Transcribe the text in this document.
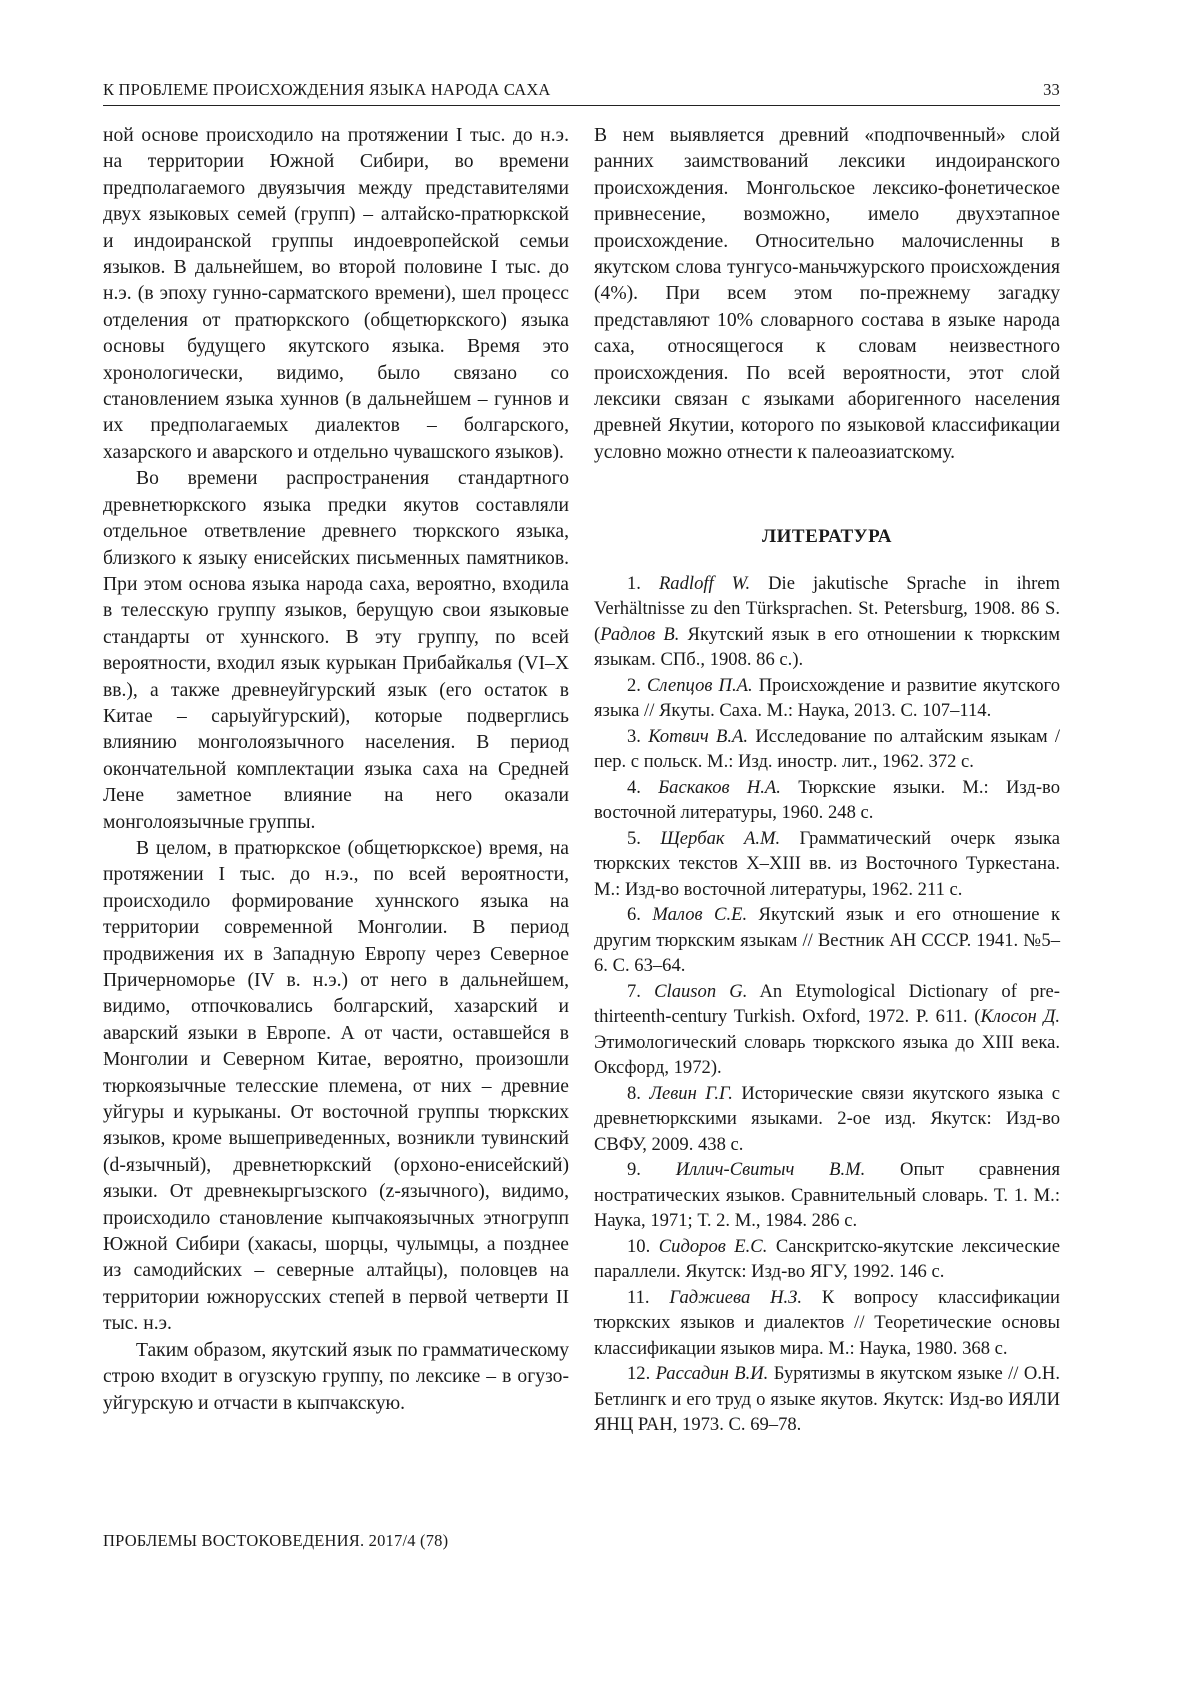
К ПРОБЛЕМЕ ПРОИСХОЖДЕНИЯ ЯЗЫКА НАРОДА САХА	33

ной основе происходило на протяжении I тыс. до н.э. на территории Южной Сибири, во времени предполагаемого двуязычия между представителями двух языковых семей (групп) – алтайско-пратюркской и индоиранской группы индоевропейской семьи языков. В дальнейшем, во второй половине I тыс. до н.э. (в эпоху гунно-сарматского времени), шел процесс отделения от пратюркского (общетюркского) языка основы будущего якутского языка. Время это хронологически, видимо, было связано со становлением языка хуннов (в дальнейшем – гуннов и их предполагаемых диалектов – болгарского, хазарского и аварского и отдельно чувашского языков).

Во времени распространения стандартного древнетюркского языка предки якутов составляли отдельное ответвление древнего тюркского языка, близкого к языку енисейских письменных памятников. При этом основа языка народа саха, вероятно, входила в телесскую группу языков, берущую свои языковые стандарты от хуннского. В эту группу, по всей вероятности, входил язык курыкан Прибайкалья (VI–X вв.), а также древнеуйгурский язык (его остаток в Китае – сарыуйгурский), которые подверглись влиянию монголоязычного населения. В период окончательной комплектации языка саха на Средней Лене заметное влияние на него оказали монголоязычные группы.

В целом, в пратюркское (общетюркское) время, на протяжении I тыс. до н.э., по всей вероятности, происходило формирование хуннского языка на территории современной Монголии. В период продвижения их в Западную Европу через Северное Причерноморье (IV в. н.э.) от него в дальнейшем, видимо, отпочковались болгарский, хазарский и аварский языки в Европе. А от части, оставшейся в Монголии и Северном Китае, вероятно, произошли тюркоязычные телесские племена, от них – древние уйгуры и курыканы. От восточной группы тюркских языков, кроме вышеприведенных, возникли тувинский (d-язычный), древнетюркский (орхоно-енисейский) языки. От древнекыргызского (z-язычного), видимо, происходило становление кыпчакоязычных этногрупп Южной Сибири (хакасы, шорцы, чулымцы, а позднее из самодийских – северные алтайцы), половцев на территории южнорусских степей в первой четверти II тыс. н.э.

Таким образом, якутский язык по грамматическому строю входит в огузскую группу, по лексике – в огузо-уйгурскую и отчасти в кыпчакскую.

В нем выявляется древний «подпочвенный» слой ранних заимствований лексики индоиранского происхождения. Монгольское лексико-фонетическое привнесение, возможно, имело двухэтапное происхождение. Относительно малочисленны в якутском слова тунгусо-маньчжурского происхождения (4%). При всем этом по-прежнему загадку представляют 10% словарного состава в языке народа саха, относящегося к словам неизвестного происхождения. По всей вероятности, этот слой лексики связан с языками аборигенного населения древней Якутии, которого по языковой классификации условно можно отнести к палеоазиатскому.

ЛИТЕРАТУРА

1. Radloff W. Die jakutische Sprache in ihrem Verhältnisse zu den Türksprachen. St. Petersburg, 1908. 86 S. (Радлов В. Якутский язык в его отношении к тюркским языкам. СПб., 1908. 86 с.).

2. Слепцов П.А. Происхождение и развитие якутского языка // Якуты. Саха. М.: Наука, 2013. С. 107–114.

3. Котвич В.А. Исследование по алтайским языкам / пер. с польск. М.: Изд. иностр. лит., 1962. 372 с.

4. Баскаков Н.А. Тюркские языки. М.: Изд-во восточной литературы, 1960. 248 с.

5. Щербак А.М. Грамматический очерк языка тюркских текстов X–XIII вв. из Восточного Туркестана. М.: Изд-во восточной литературы, 1962. 211 с.

6. Малов С.Е. Якутский язык и его отношение к другим тюркским языкам // Вестник АН СССР. 1941. №5–6. С. 63–64.

7. Clauson G. An Etymological Dictionary of pre-thirteenth-century Turkish. Oxford, 1972. P. 611. (Клосон Д. Этимологический словарь тюркского языка до XIII века. Оксфорд, 1972).

8. Левин Г.Г. Исторические связи якутского языка с древнетюркскими языками. 2-ое изд. Якутск: Изд-во СВФУ, 2009. 438 с.

9. Иллич-Свитыч В.М. Опыт сравнения ностратических языков. Сравнительный словарь. Т. 1. М.: Наука, 1971; Т. 2. М., 1984. 286 с.

10. Сидоров Е.С. Санскритско-якутские лексические параллели. Якутск: Изд-во ЯГУ, 1992. 146 с.

11. Гаджиева Н.З. К вопросу классификации тюркских языков и диалектов // Теоретические основы классификации языков мира. М.: Наука, 1980. 368 с.

12. Рассадин В.И. Бурятизмы в якутском языке // О.Н. Бетлингк и его труд о языке якутов. Якутск: Изд-во ИЯЛИ ЯНЦ РАН, 1973. С. 69–78.

ПРОБЛЕМЫ ВОСТОКОВЕДЕНИЯ. 2017/4 (78)
